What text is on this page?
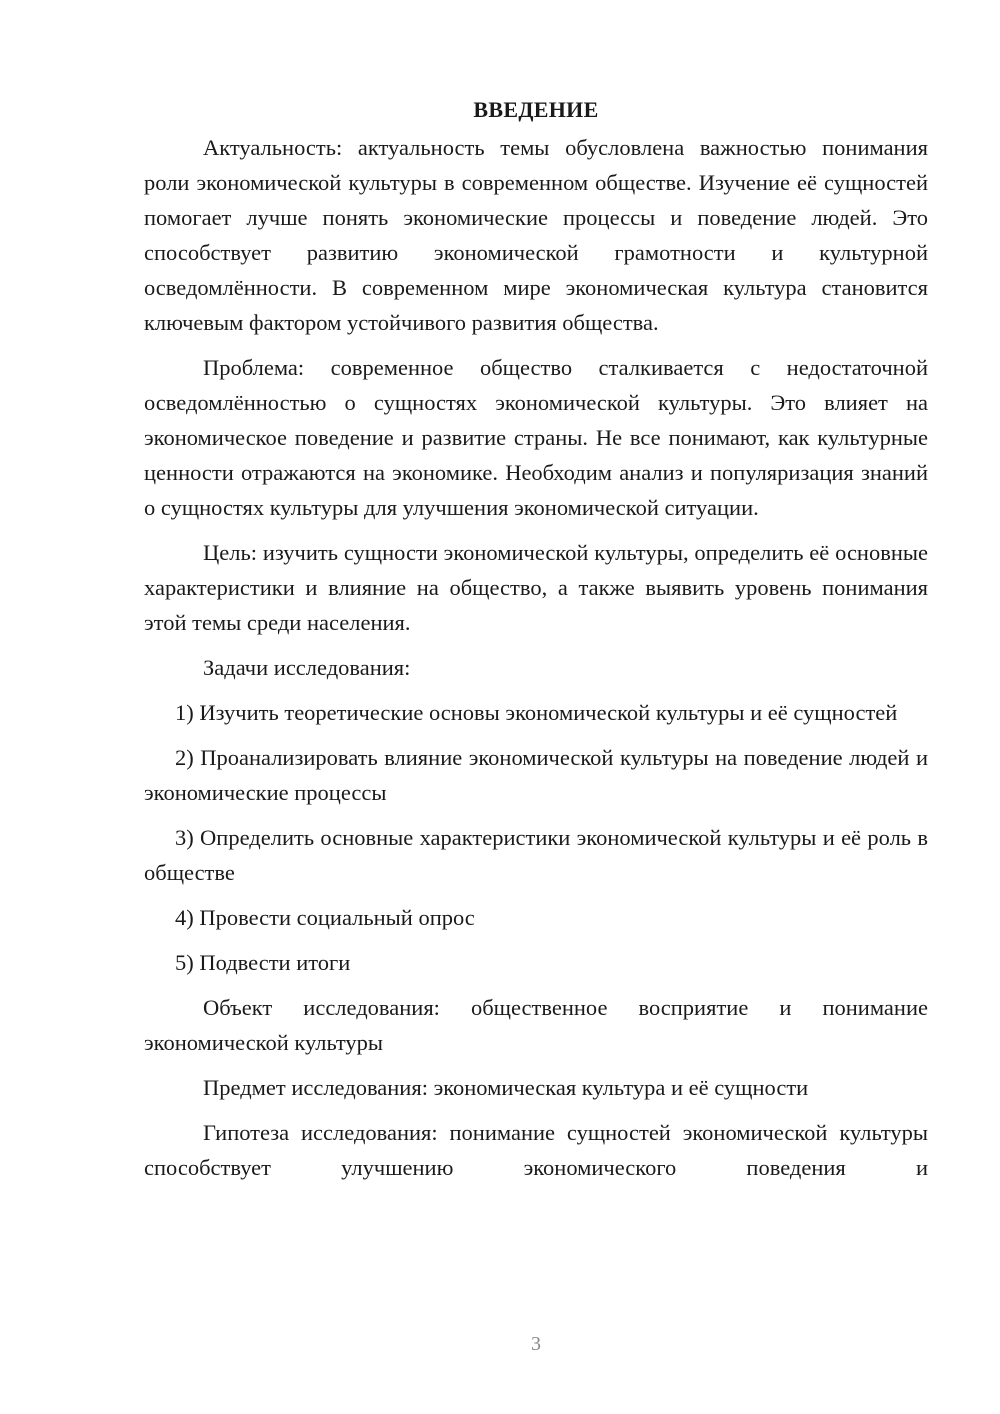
ВВЕДЕНИЕ

Актуальность: актуальность темы обусловлена важностью понимания роли экономической культуры в современном обществе. Изучение её сущностей помогает лучше понять экономические процессы и поведение людей. Это способствует развитию экономической грамотности и культурной осведомлённости. В современном мире экономическая культура становится ключевым фактором устойчивого развития общества.

Проблема: современное общество сталкивается с недостаточной осведомлённостью о сущностях экономической культуры. Это влияет на экономическое поведение и развитие страны. Не все понимают, как культурные ценности отражаются на экономике. Необходим анализ и популяризация знаний о сущностях культуры для улучшения экономической ситуации.

Цель: изучить сущности экономической культуры, определить её основные характеристики и влияние на общество, а также выявить уровень понимания этой темы среди населения.

Задачи исследования:

1) Изучить теоретические основы экономической культуры и её сущностей

2) Проанализировать влияние экономической культуры на поведение людей и экономические процессы

3) Определить основные характеристики экономической культуры и её роль в обществе

4) Провести социальный опрос

5) Подвести итоги

Объект исследования: общественное восприятие и понимание экономической культуры

Предмет исследования: экономическая культура и её сущности

Гипотеза исследования: понимание сущностей экономической культуры способствует улучшению экономического поведения и

3
